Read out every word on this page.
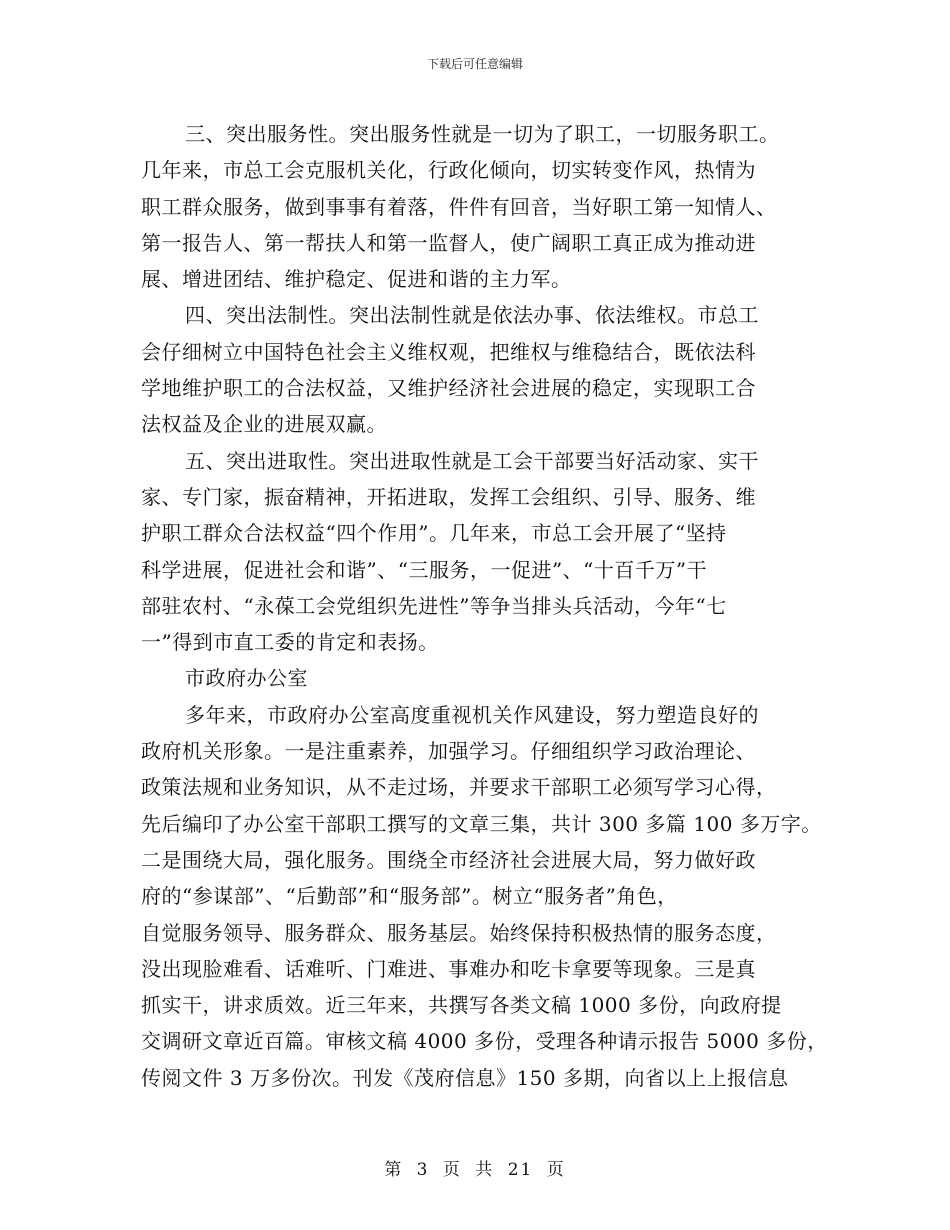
下载后可任意编辑
三、突出服务性。突出服务性就是一切为了职工，一切服务职工。
几年来，市总工会克服机关化，行政化倾向，切实转变作风，热情为
职工群众服务，做到事事有着落，件件有回音，当好职工第一知情人、
第一报告人、第一帮扶人和第一监督人，使广阔职工真正成为推动进
展、增进团结、维护稳定、促进和谐的主力军。
四、突出法制性。突出法制性就是依法办事、依法维权。市总工
会仔细树立中国特色社会主义维权观，把维权与维稳结合，既依法科
学地维护职工的合法权益，又维护经济社会进展的稳定，实现职工合
法权益及企业的进展双赢。
五、突出进取性。突出进取性就是工会干部要当好活动家、实干
家、专门家，振奋精神，开拓进取，发挥工会组织、引导、服务、维
护职工群众合法权益“四个作用”。几年来，市总工会开展了“坚持
科学进展，促进社会和谐”、“三服务，一促进”、“十百千万”干
部驻农村、“永葆工会党组织先进性”等争当排头兵活动，今年“七
一”得到市直工委的肯定和表扬。
市政府办公室
多年来，市政府办公室高度重视机关作风建设，努力塑造良好的
政府机关形象。一是注重素养，加强学习。仔细组织学习政治理论、
政策法规和业务知识，从不走过场，并要求干部职工必须写学习心得，
先后编印了办公室干部职工撰写的文章三集，共计 300 多篇 100 多万字。
二是围绕大局，强化服务。围绕全市经济社会进展大局，努力做好政
府的“参谋部”、“后勤部”和“服务部”。树立“服务者”角色，
自觉服务领导、服务群众、服务基层。始终保持积极热情的服务态度，
没出现脸难看、话难听、门难进、事难办和吃卡拿要等现象。三是真
抓实干，讲求质效。近三年来，共撰写各类文稿 1000 多份，向政府提
交调研文章近百篇。审核文稿 4000 多份，受理各种请示报告 5000 多份，
传阅文件 3 万多份次。刊发《茂府信息》150 多期，向省以上上报信息
第 3 页 共 21 页
